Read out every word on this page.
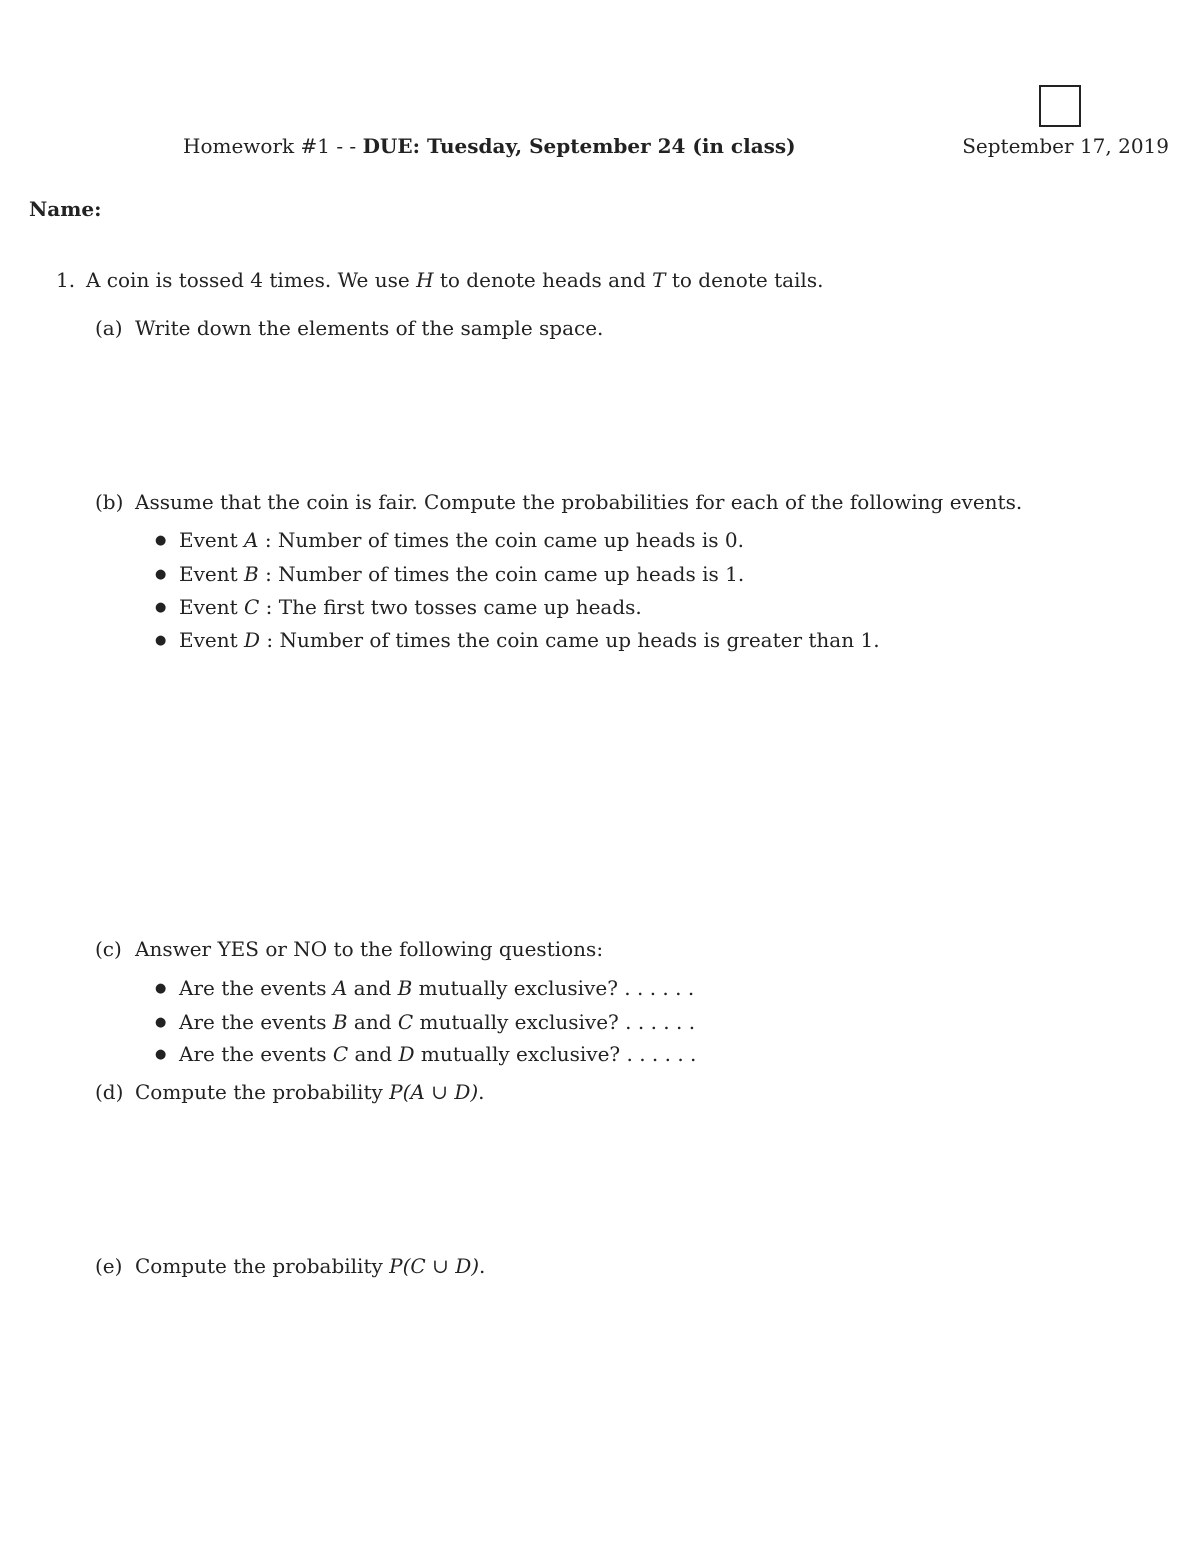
Homework #1 - - DUE: Tuesday, September 24 (in class)	September 17, 2019
Name:
1. A coin is tossed 4 times. We use H to denote heads and T to denote tails.
(a) Write down the elements of the sample space.
(b) Assume that the coin is fair. Compute the probabilities for each of the following events.
● Event A : Number of times the coin came up heads is 0.
● Event B : Number of times the coin came up heads is 1.
● Event C : The first two tosses came up heads.
● Event D : Number of times the coin came up heads is greater than 1.
(c) Answer YES or NO to the following questions:
● Are the events A and B mutually exclusive? . . . . . .
● Are the events B and C mutually exclusive? . . . . . .
● Are the events C and D mutually exclusive? . . . . . .
(d) Compute the probability P(A ∪ D).
(e) Compute the probability P(C ∪ D).
